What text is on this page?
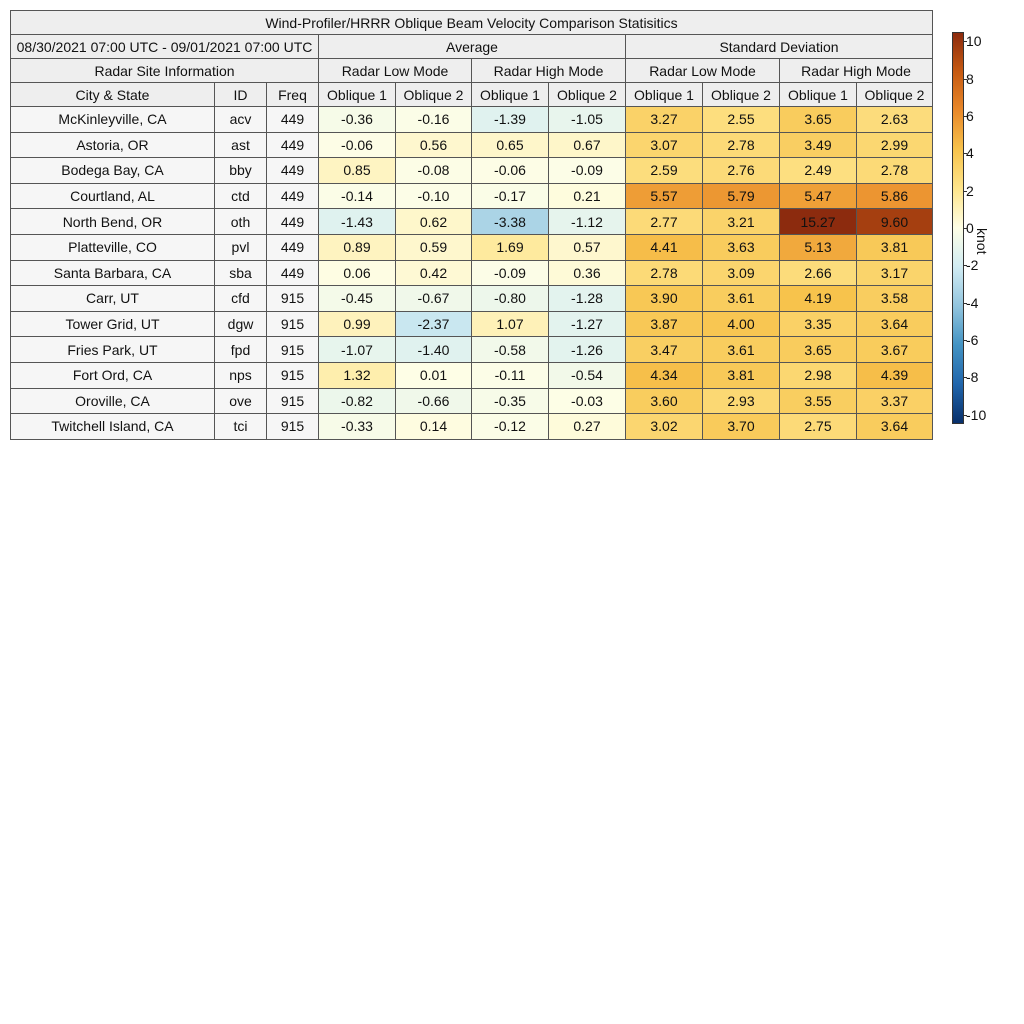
Wind-Profiler/HRRR Oblique Beam Velocity Comparison Statisitics										
08/30/2021 07:00 UTC - 09/01/2021 07:00 UTC			Average				Standard Deviation			
Radar Site Information			Radar Low Mode		Radar High Mode		Radar Low Mode		Radar High Mode	
City & State	ID	Freq	Oblique 1	Oblique 2	Oblique 1	Oblique 2	Oblique 1	Oblique 2	Oblique 1	Oblique 2
McKinleyville, CA	acv	449	-0.36	-0.16	-1.39	-1.05	3.27	2.55	3.65	2.63
Astoria, OR	ast	449	-0.06	0.56	0.65	0.67	3.07	2.78	3.49	2.99
Bodega Bay, CA	bby	449	0.85	-0.08	-0.06	-0.09	2.59	2.76	2.49	2.78
Courtland, AL	ctd	449	-0.14	-0.10	-0.17	0.21	5.57	5.79	5.47	5.86
North Bend, OR	oth	449	-1.43	0.62	-3.38	-1.12	2.77	3.21	15.27	9.60
Platteville, CO	pvl	449	0.89	0.59	1.69	0.57	4.41	3.63	5.13	3.81
Santa Barbara, CA	sba	449	0.06	0.42	-0.09	0.36	2.78	3.09	2.66	3.17
Carr, UT	cfd	915	-0.45	-0.67	-0.80	-1.28	3.90	3.61	4.19	3.58
Tower Grid, UT	dgw	915	0.99	-2.37	1.07	-1.27	3.87	4.00	3.35	3.64
Fries Park, UT	fpd	915	-1.07	-1.40	-0.58	-1.26	3.47	3.61	3.65	3.67
Fort Ord, CA	nps	915	1.32	0.01	-0.11	-0.54	4.34	3.81	2.98	4.39
Oroville, CA	ove	915	-0.82	-0.66	-0.35	-0.03	3.60	2.93	3.55	3.37
Twitchell Island, CA	tci	915	-0.33	0.14	-0.12	0.27	3.02	3.70	2.75	3.64
10
8
6
4
2
0
-2
-4
-6
-8
-10
knot
